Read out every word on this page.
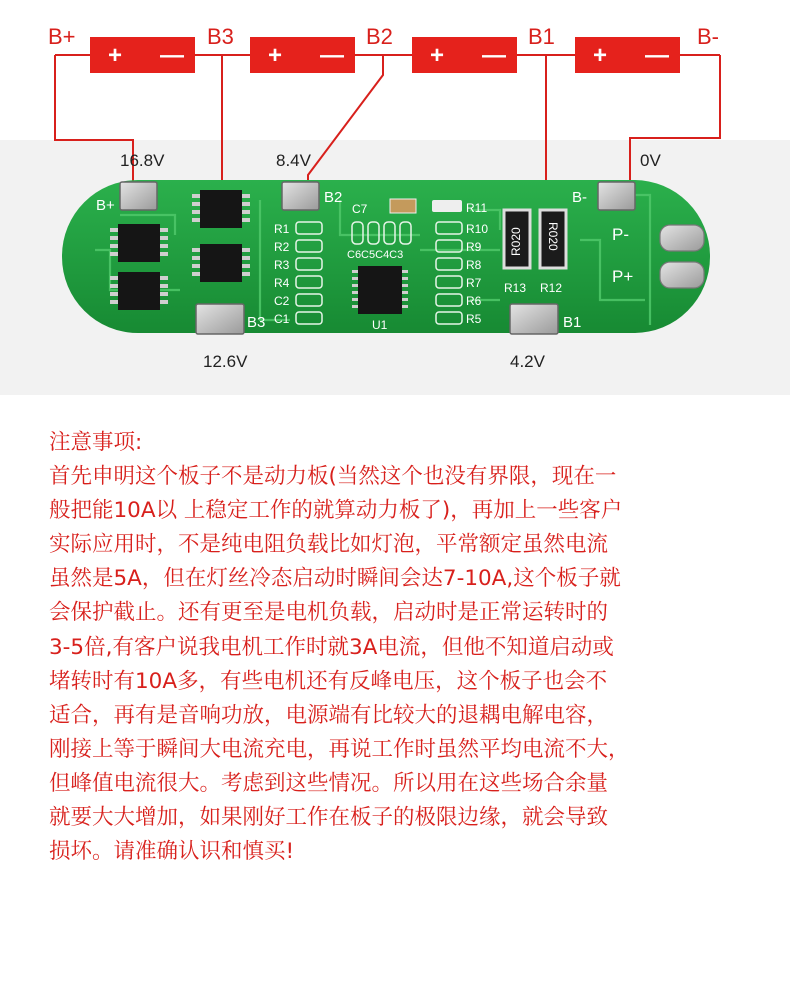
+ —	+ —	+ —	+ —
B+	B3	B2	B1	B-
16.8V	8.4V	0V
12.6V	4.2V
B+	B2
B3	B1
B-
P-
P+
R1
R2
R3
R4
C2
C1
C7
C6C5C4C3
U1
R11
R10
R9
R8
R7
R6
R5
R020 R020
R13 R12
注意事项:
首先申明这个板子不是动力板(当然这个也没有界限，现在一
般把能10A以 上稳定工作的就算动力板了)，再加上一些客户
实际应用时，不是纯电阻负载比如灯泡，平常额定虽然电流
虽然是5A，但在灯丝冷态启动时瞬间会达7-10A,这个板子就
会保护截止。还有更至是电机负载，启动时是正常运转时的
3-5倍,有客户说我电机工作时就3A电流，但他不知道启动或
堵转时有10A多，有些电机还有反峰电压，这个板子也会不
适合，再有是音响功放，电源端有比较大的退耦电解电容，
刚接上等于瞬间大电流充电，再说工作时虽然平均电流不大，
但峰值电流很大。考虑到这些情况。所以用在这些场合余量
就要大大增加，如果刚好工作在板子的极限边缘，就会导致
损坏。请准确认识和慎买!
